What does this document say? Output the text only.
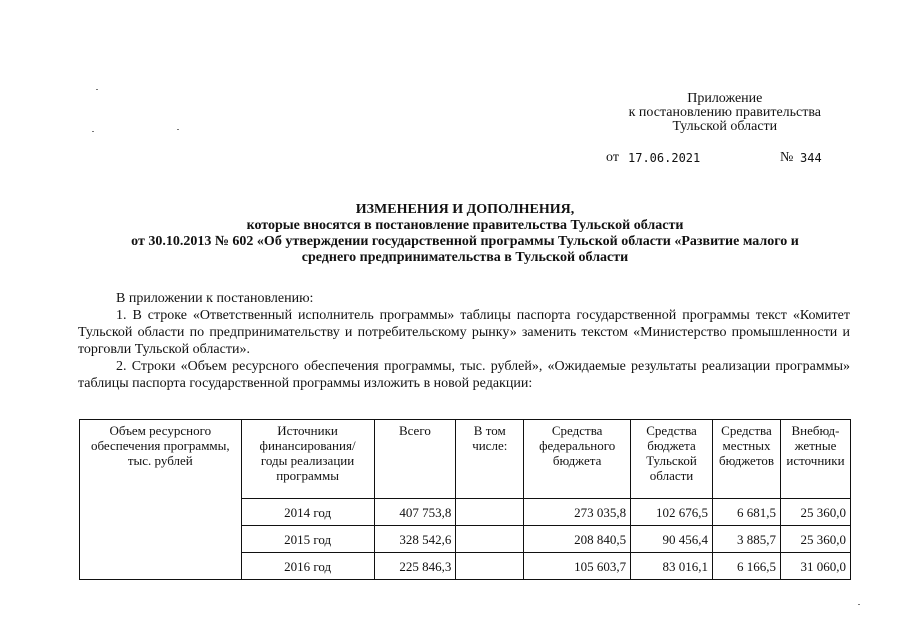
Приложение
к постановлению правительства
Тульской области
от 17.06.2021	№ 344
ИЗМЕНЕНИЯ И ДОПОЛНЕНИЯ,
которые вносятся в постановление правительства Тульской области
от 30.10.2013 № 602 «Об утверждении государственной программы Тульской области «Развитие малого и
среднего предпринимательства в Тульской области

В приложении к постановлению:

1. В строке «Ответственный исполнитель программы» таблицы паспорта государственной программы текст «Комитет Тульской области по предпринимательству и потребительскому рынку» заменить текстом «Министерство промышленности и торговли Тульской области».

2. Строки «Объем ресурсного обеспечения программы, тыс. рублей», «Ожидаемые результаты реализации программы» таблицы паспорта государственной программы изложить в новой редакции:

Объем ресурсного обеспечения программы, тыс. рублей	Источники финансирования/ годы реализации программы	Всего	В том числе:	Средства федерального бюджета	Средства бюджета Тульской области	Средства местных бюджетов	Внебюд-жетные источники
	2014 год	407 753,8		273 035,8	102 676,5	6 681,5	25 360,0
	2015 год	328 542,6		208 840,5	90 456,4	3 885,7	25 360,0
	2016 год	225 846,3		105 603,7	83 016,1	6 166,5	31 060,0
